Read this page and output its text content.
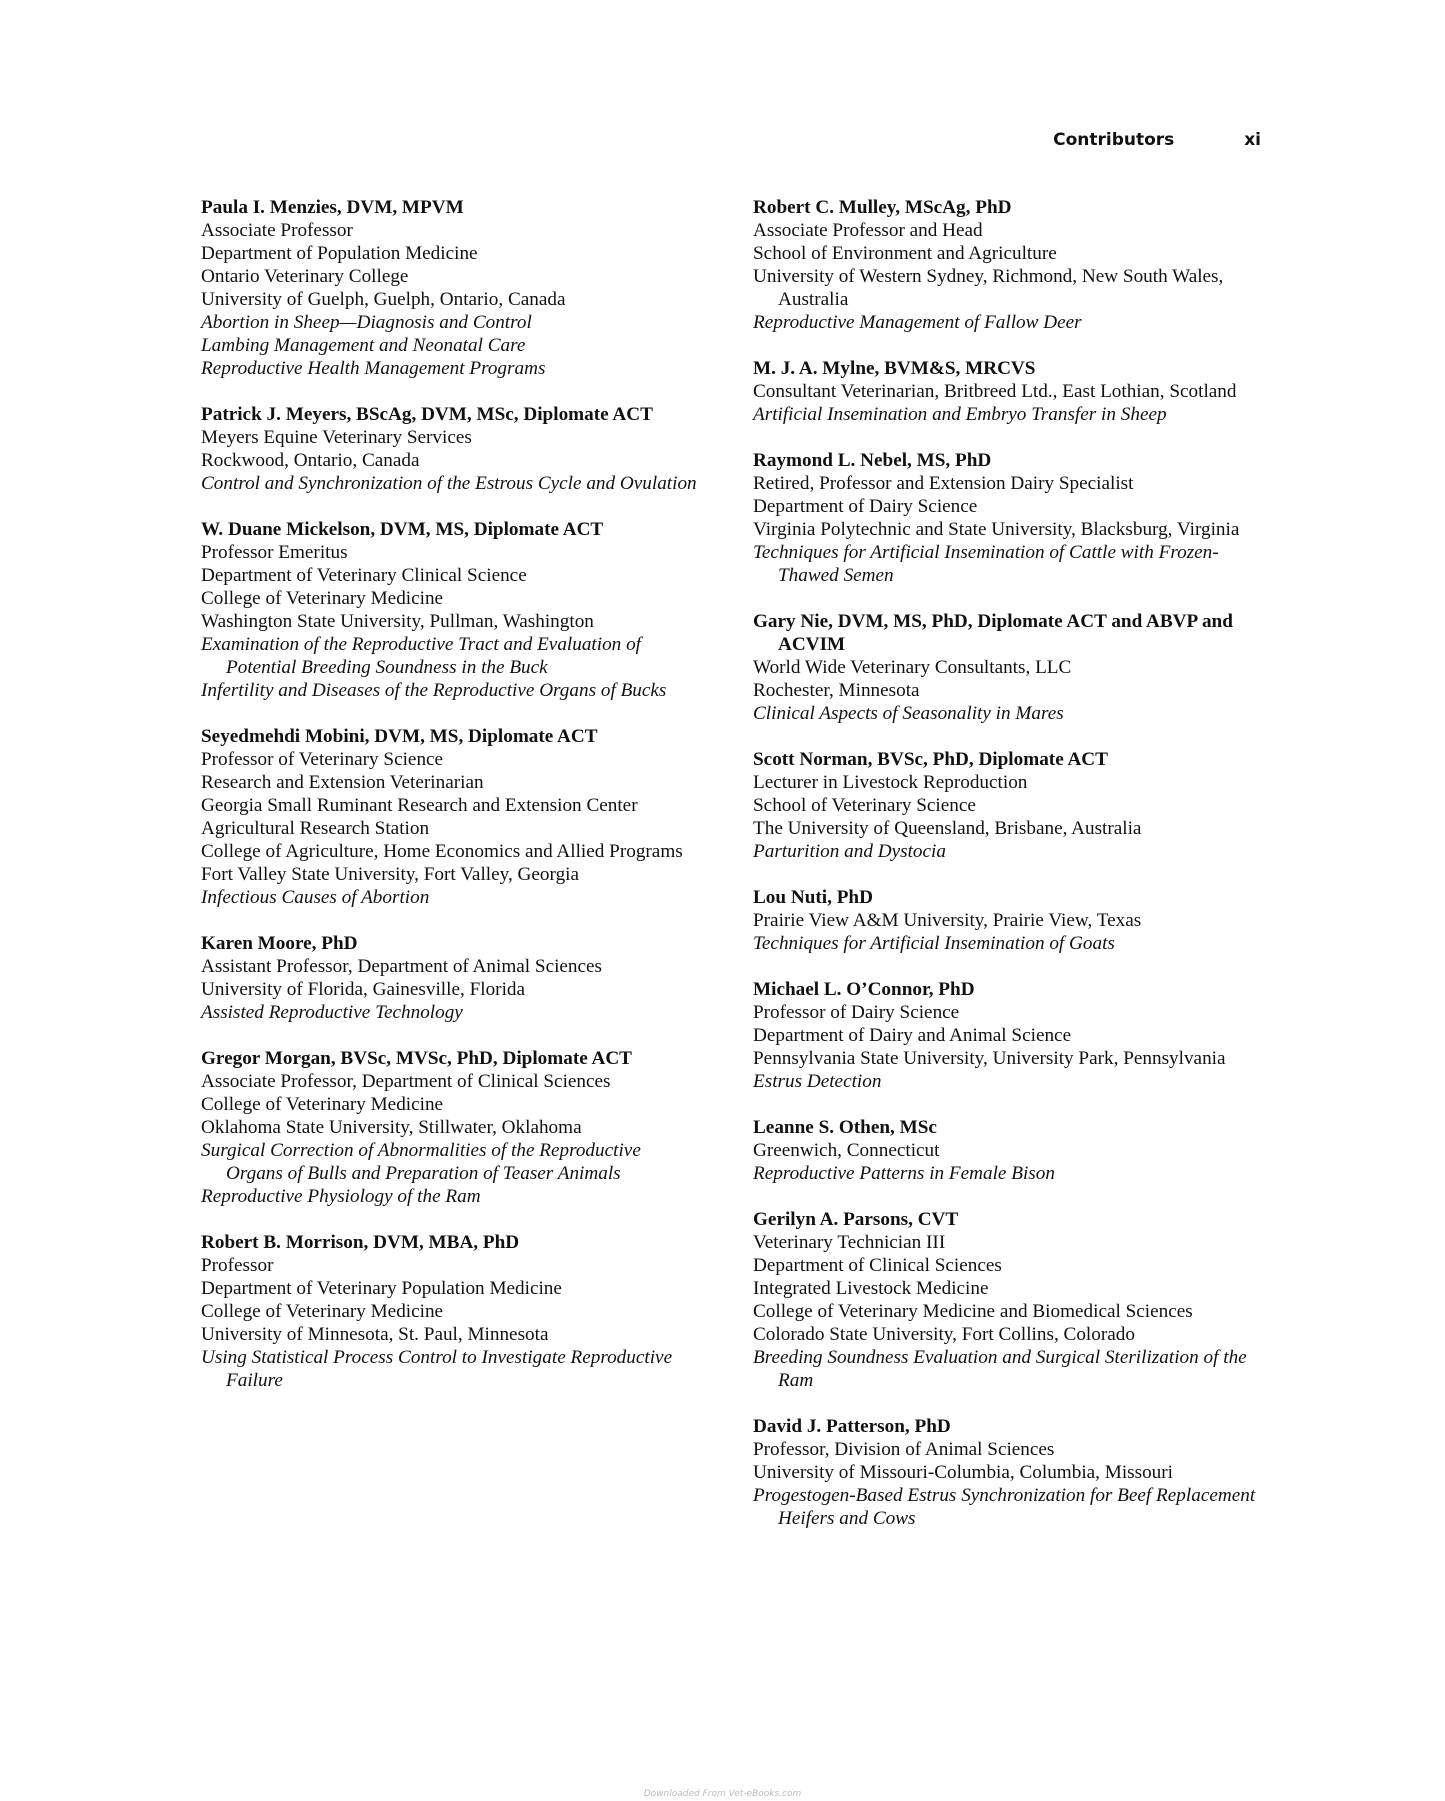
Contributors	xi
Paula I. Menzies, DVM, MPVM
Associate Professor
Department of Population Medicine
Ontario Veterinary College
University of Guelph, Guelph, Ontario, Canada
Abortion in Sheep—Diagnosis and Control
Lambing Management and Neonatal Care
Reproductive Health Management Programs
Patrick J. Meyers, BScAg, DVM, MSc, Diplomate ACT
Meyers Equine Veterinary Services
Rockwood, Ontario, Canada
Control and Synchronization of the Estrous Cycle and Ovulation
W. Duane Mickelson, DVM, MS, Diplomate ACT
Professor Emeritus
Department of Veterinary Clinical Science
College of Veterinary Medicine
Washington State University, Pullman, Washington
Examination of the Reproductive Tract and Evaluation of Potential Breeding Soundness in the Buck
Infertility and Diseases of the Reproductive Organs of Bucks
Seyedmehdi Mobini, DVM, MS, Diplomate ACT
Professor of Veterinary Science
Research and Extension Veterinarian
Georgia Small Ruminant Research and Extension Center
Agricultural Research Station
College of Agriculture, Home Economics and Allied Programs
Fort Valley State University, Fort Valley, Georgia
Infectious Causes of Abortion
Karen Moore, PhD
Assistant Professor, Department of Animal Sciences
University of Florida, Gainesville, Florida
Assisted Reproductive Technology
Gregor Morgan, BVSc, MVSc, PhD, Diplomate ACT
Associate Professor, Department of Clinical Sciences
College of Veterinary Medicine
Oklahoma State University, Stillwater, Oklahoma
Surgical Correction of Abnormalities of the Reproductive Organs of Bulls and Preparation of Teaser Animals
Reproductive Physiology of the Ram
Robert B. Morrison, DVM, MBA, PhD
Professor
Department of Veterinary Population Medicine
College of Veterinary Medicine
University of Minnesota, St. Paul, Minnesota
Using Statistical Process Control to Investigate Reproductive Failure
Robert C. Mulley, MScAg, PhD
Associate Professor and Head
School of Environment and Agriculture
University of Western Sydney, Richmond, New South Wales, Australia
Reproductive Management of Fallow Deer
M. J. A. Mylne, BVM&S, MRCVS
Consultant Veterinarian, Britbreed Ltd., East Lothian, Scotland
Artificial Insemination and Embryo Transfer in Sheep
Raymond L. Nebel, MS, PhD
Retired, Professor and Extension Dairy Specialist
Department of Dairy Science
Virginia Polytechnic and State University, Blacksburg, Virginia
Techniques for Artificial Insemination of Cattle with Frozen-Thawed Semen
Gary Nie, DVM, MS, PhD, Diplomate ACT and ABVP and ACVIM
World Wide Veterinary Consultants, LLC
Rochester, Minnesota
Clinical Aspects of Seasonality in Mares
Scott Norman, BVSc, PhD, Diplomate ACT
Lecturer in Livestock Reproduction
School of Veterinary Science
The University of Queensland, Brisbane, Australia
Parturition and Dystocia
Lou Nuti, PhD
Prairie View A&M University, Prairie View, Texas
Techniques for Artificial Insemination of Goats
Michael L. O’Connor, PhD
Professor of Dairy Science
Department of Dairy and Animal Science
Pennsylvania State University, University Park, Pennsylvania
Estrus Detection
Leanne S. Othen, MSc
Greenwich, Connecticut
Reproductive Patterns in Female Bison
Gerilyn A. Parsons, CVT
Veterinary Technician III
Department of Clinical Sciences
Integrated Livestock Medicine
College of Veterinary Medicine and Biomedical Sciences
Colorado State University, Fort Collins, Colorado
Breeding Soundness Evaluation and Surgical Sterilization of the Ram
David J. Patterson, PhD
Professor, Division of Animal Sciences
University of Missouri-Columbia, Columbia, Missouri
Progestogen-Based Estrus Synchronization for Beef Replacement Heifers and Cows
Downloaded From Vet-eBooks.com
